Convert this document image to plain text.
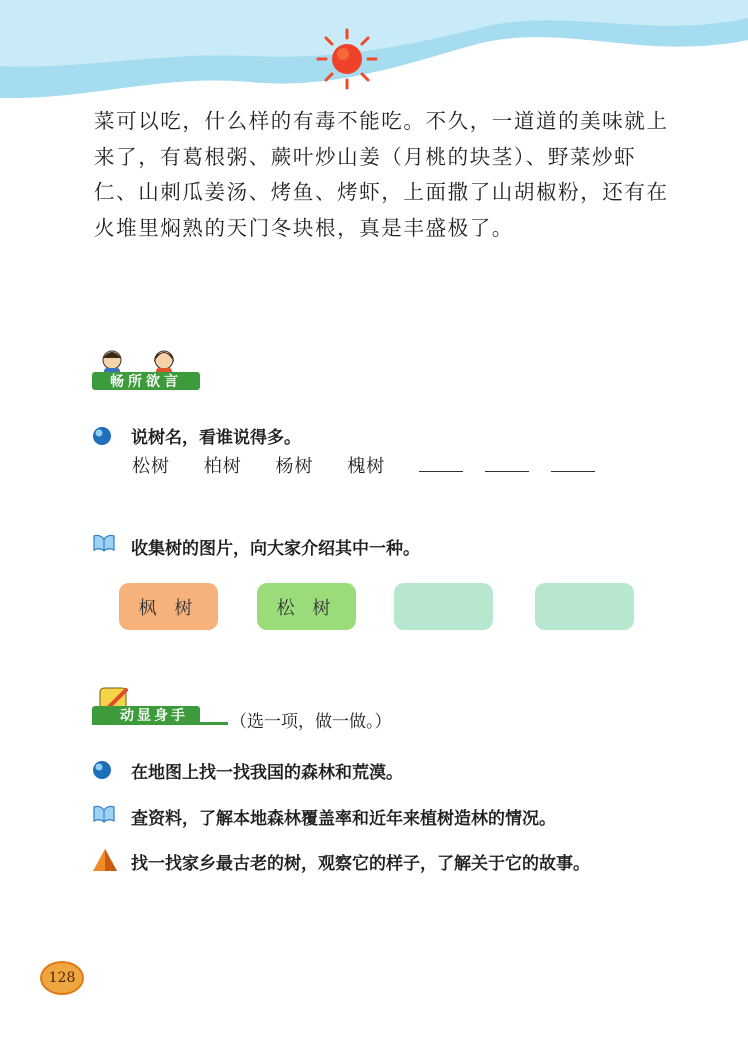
菜可以吃，什么样的有毒不能吃。不久，一道道的美味就上
来了，有葛根粥、蕨叶炒山姜（月桃的块茎）、野菜炒虾
仁、山刺瓜姜汤、烤鱼、烤虾，上面撒了山胡椒粉，还有在
火堆里焖熟的天门冬块根，真是丰盛极了。
畅所欲言
说树名，看谁说得多。
松树 柏树 杨树 槐树
收集树的图片，向大家介绍其中一种。
枫 树	松 树
动显身手 （选一项，做一做。）
在地图上找一找我国的森林和荒漠。
查资料，了解本地森林覆盖率和近年来植树造林的情况。
找一找家乡最古老的树，观察它的样子，了解关于它的故事。
128
